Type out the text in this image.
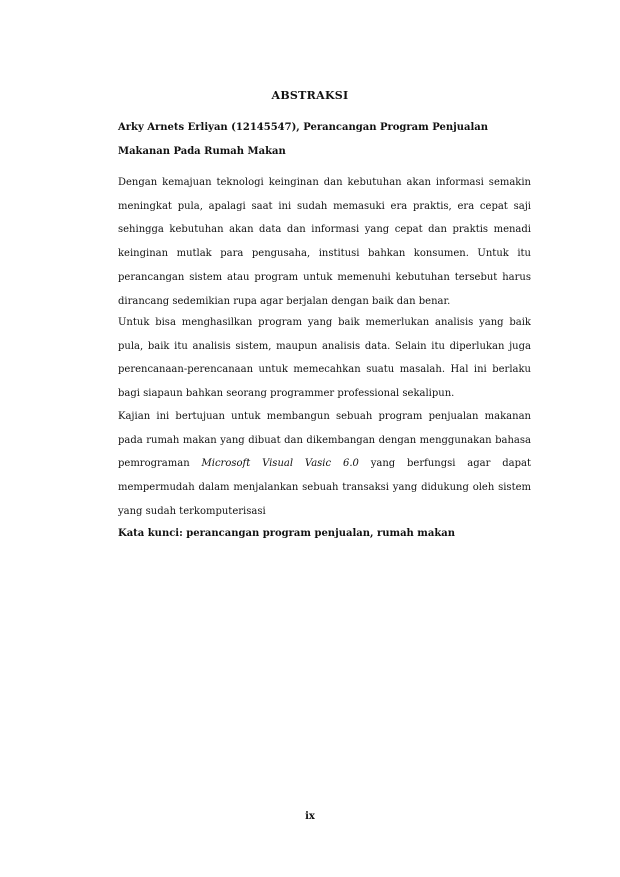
ABSTRAKSI
Arky Arnets Erliyan (12145547), Perancangan Program Penjualan Makanan Pada Rumah Makan
Dengan kemajuan teknologi keinginan dan kebutuhan akan informasi semakin meningkat pula, apalagi saat ini sudah memasuki era praktis, era cepat saji sehingga kebutuhan akan data dan informasi yang cepat dan praktis menadi keinginan mutlak para pengusaha, institusi bahkan konsumen. Untuk itu perancangan sistem atau program untuk memenuhi kebutuhan tersebut harus dirancang sedemikian rupa agar berjalan dengan baik dan benar.
Untuk bisa menghasilkan program yang baik memerlukan analisis yang baik pula, baik itu analisis sistem, maupun analisis data. Selain itu diperlukan juga perencanaan-perencanaan untuk memecahkan suatu masalah. Hal ini berlaku bagi siapaun bahkan seorang programmer professional sekalipun.
Kajian ini bertujuan untuk membangun sebuah program penjualan makanan pada rumah makan yang dibuat dan dikembangan dengan menggunakan bahasa pemrograman Microsoft Visual Vasic 6.0 yang berfungsi agar dapat mempermudah dalam menjalankan sebuah transaksi yang didukung oleh sistem yang sudah terkomputerisasi
Kata kunci: perancangan program penjualan, rumah makan
ix
